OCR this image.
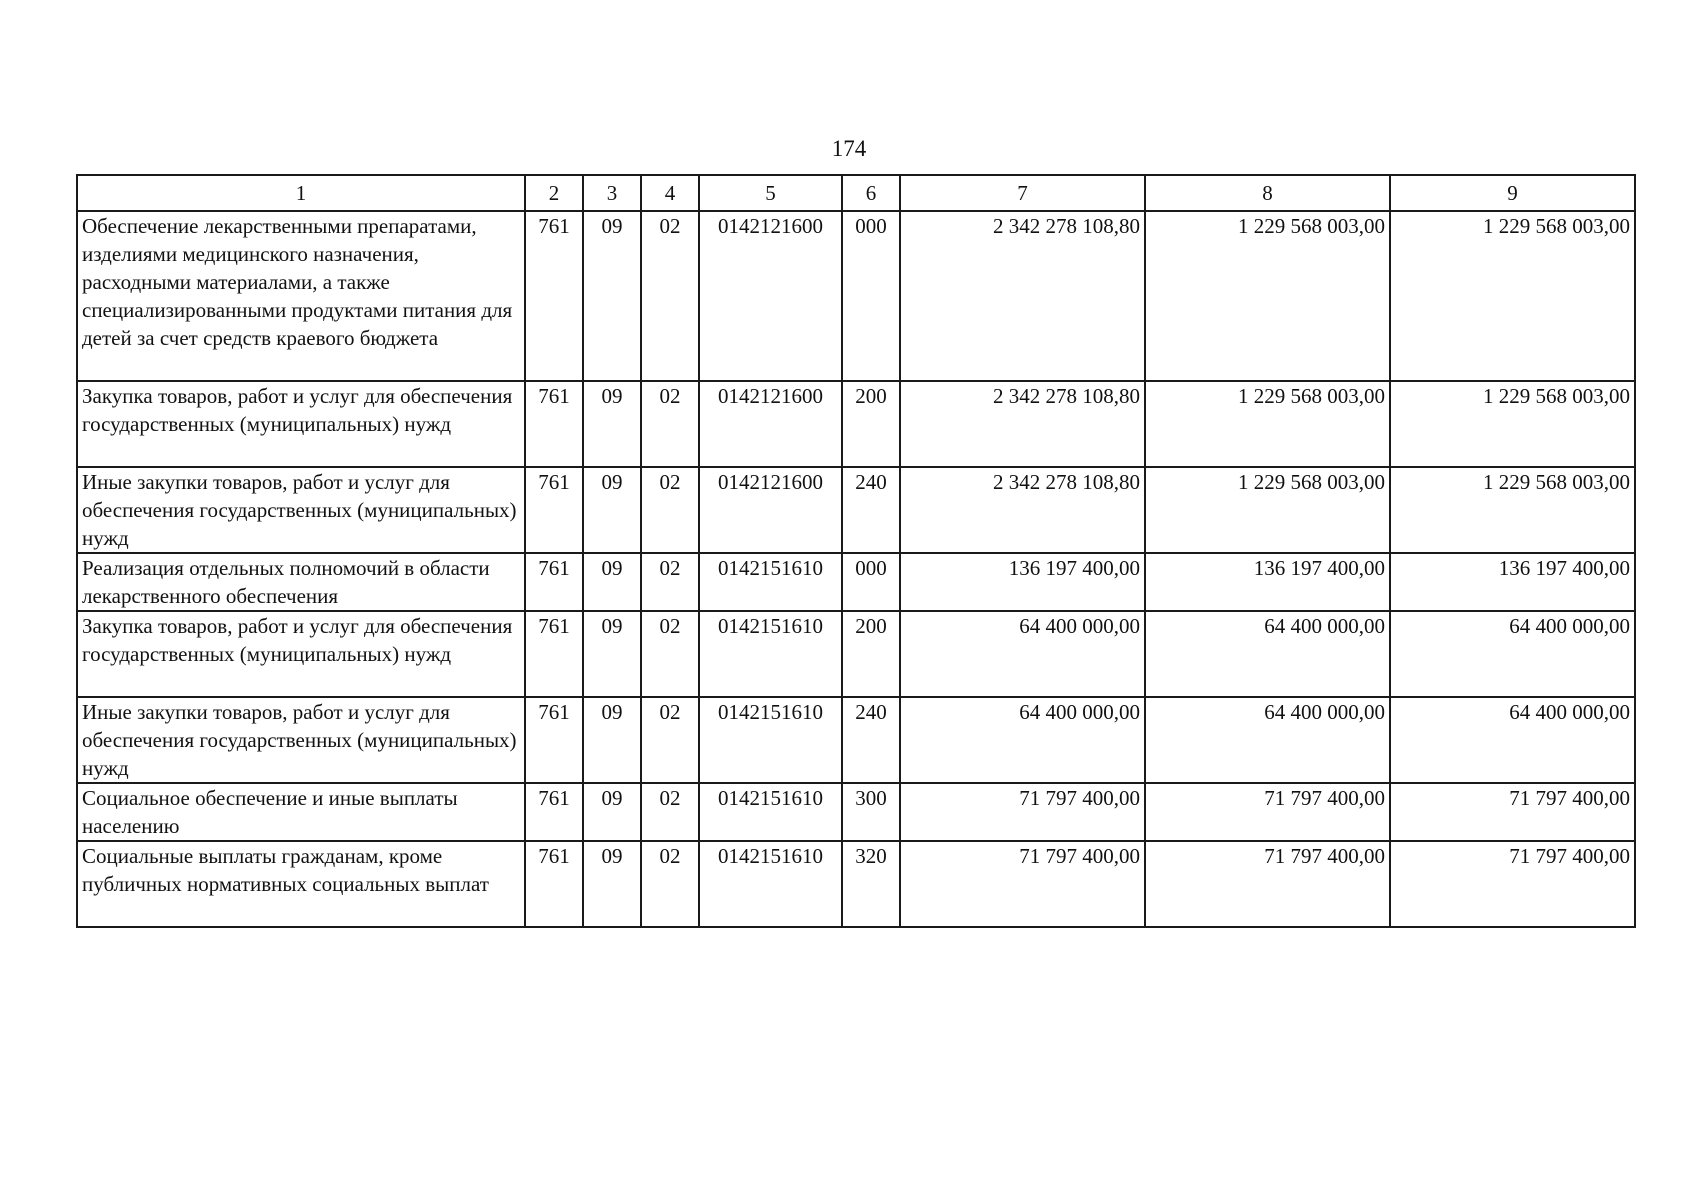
174
1	2	3	4	5	6	7	8	9
Обеспечение лекарственными препаратами, изделиями медицинского назначения, расходными материалами, а также специализированными продуктами питания для детей за счет средств краевого бюджета	761	09	02	0142121600	000	2 342 278 108,80	1 229 568 003,00	1 229 568 003,00
Закупка товаров, работ и услуг для обеспечения государственных (муниципальных) нужд	761	09	02	0142121600	200	2 342 278 108,80	1 229 568 003,00	1 229 568 003,00
Иные закупки товаров, работ и услуг для обеспечения государственных (муниципальных) нужд	761	09	02	0142121600	240	2 342 278 108,80	1 229 568 003,00	1 229 568 003,00
Реализация отдельных полномочий в области лекарственного обеспечения	761	09	02	0142151610	000	136 197 400,00	136 197 400,00	136 197 400,00
Закупка товаров, работ и услуг для обеспечения государственных (муниципальных) нужд	761	09	02	0142151610	200	64 400 000,00	64 400 000,00	64 400 000,00
Иные закупки товаров, работ и услуг для обеспечения государственных (муниципальных) нужд	761	09	02	0142151610	240	64 400 000,00	64 400 000,00	64 400 000,00
Социальное обеспечение и иные выплаты населению	761	09	02	0142151610	300	71 797 400,00	71 797 400,00	71 797 400,00
Социальные выплаты гражданам, кроме публичных нормативных социальных выплат	761	09	02	0142151610	320	71 797 400,00	71 797 400,00	71 797 400,00
